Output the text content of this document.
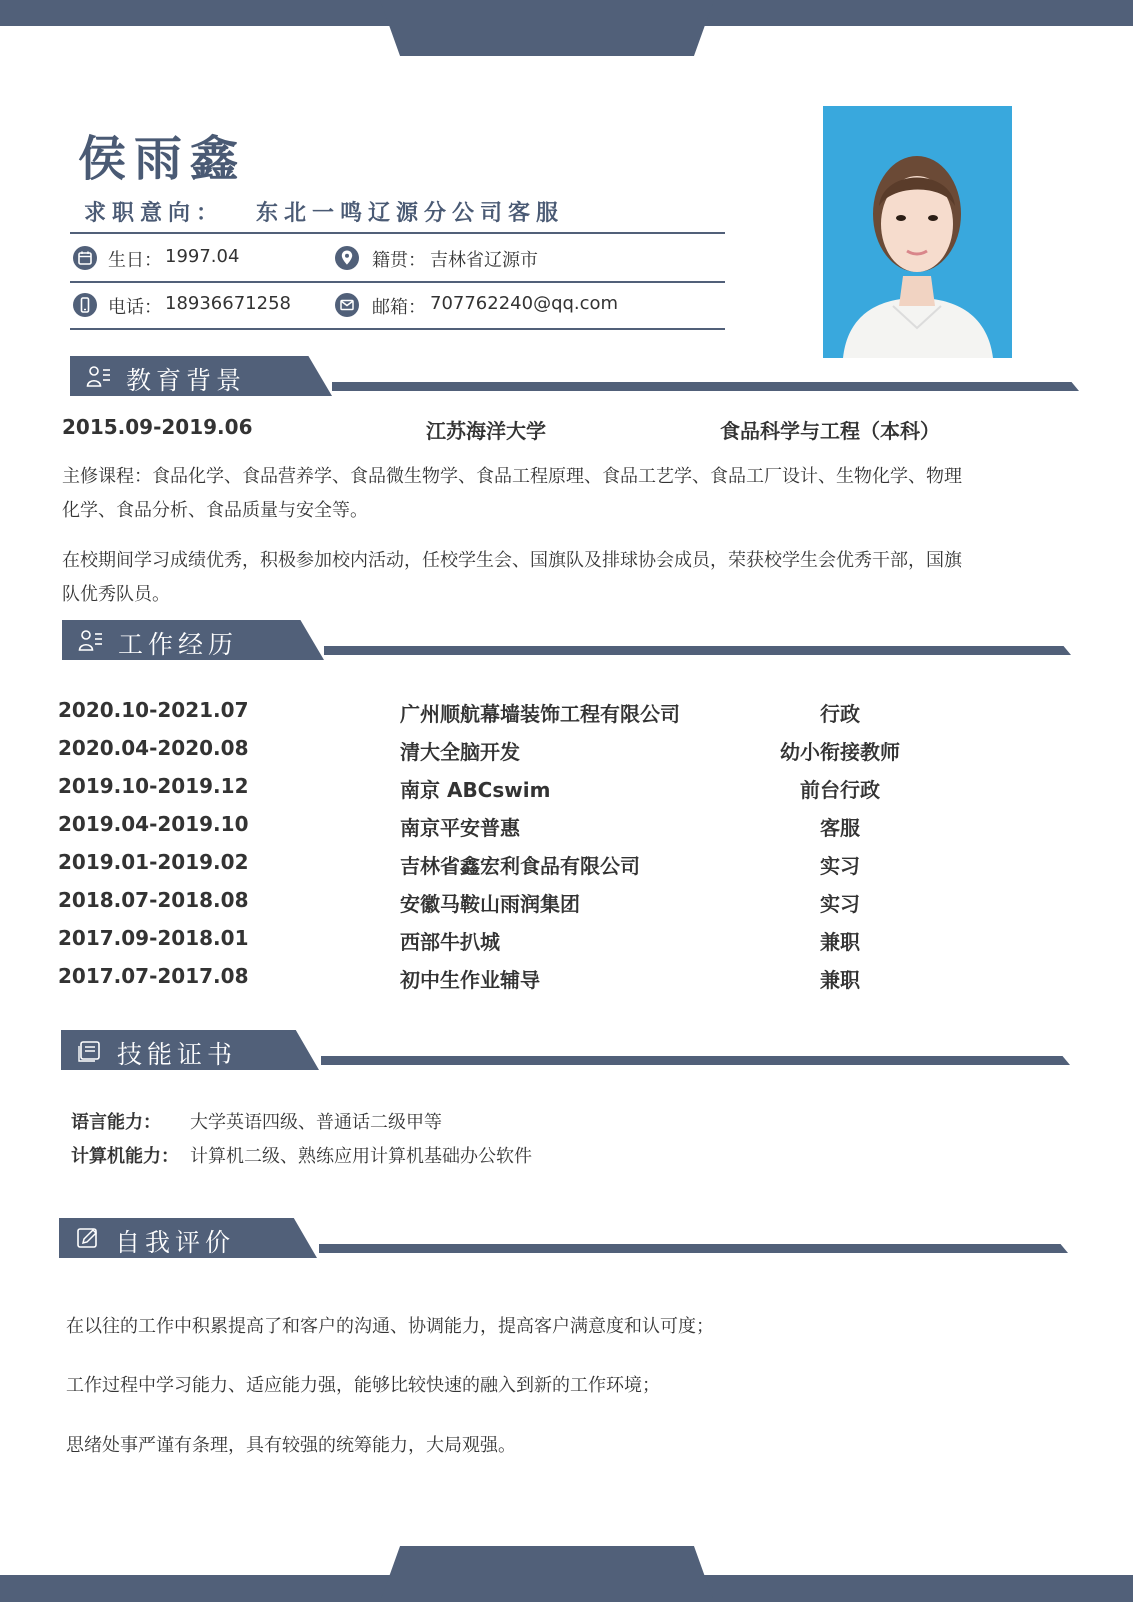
侯雨鑫
求职意向： 东北一鸣辽源分公司客服
生日： 1997.04	籍贯： 吉林省辽源市
电话： 18936671258	邮箱： 707762240@qq.com
教育背景
2015.09-2019.06	江苏海洋大学	食品科学与工程（本科）
主修课程：食品化学、食品营养学、食品微生物学、食品工程原理、食品工艺学、食品工厂设计、生物化学、物理
化学、食品分析、食品质量与安全等。
在校期间学习成绩优秀，积极参加校内活动，任校学生会、国旗队及排球协会成员，荣获校学生会优秀干部，国旗
队优秀队员。
工作经历
2020.10-2021.07	广州顺航幕墙装饰工程有限公司	行政
2020.04-2020.08	清大全脑开发	幼小衔接教师
2019.10-2019.12	南京 ABCswim	前台行政
2019.04-2019.10	南京平安普惠	客服
2019.01-2019.02	吉林省鑫宏利食品有限公司	实习
2018.07-2018.08	安徽马鞍山雨润集团	实习
2017.09-2018.01	西部牛扒城	兼职
2017.07-2017.08	初中生作业辅导	兼职
技能证书
语言能力： 大学英语四级、普通话二级甲等
计算机能力： 计算机二级、熟练应用计算机基础办公软件
自我评价
在以往的工作中积累提高了和客户的沟通、协调能力，提高客户满意度和认可度；
工作过程中学习能力、适应能力强，能够比较快速的融入到新的工作环境；
思绪处事严谨有条理，具有较强的统筹能力，大局观强。
